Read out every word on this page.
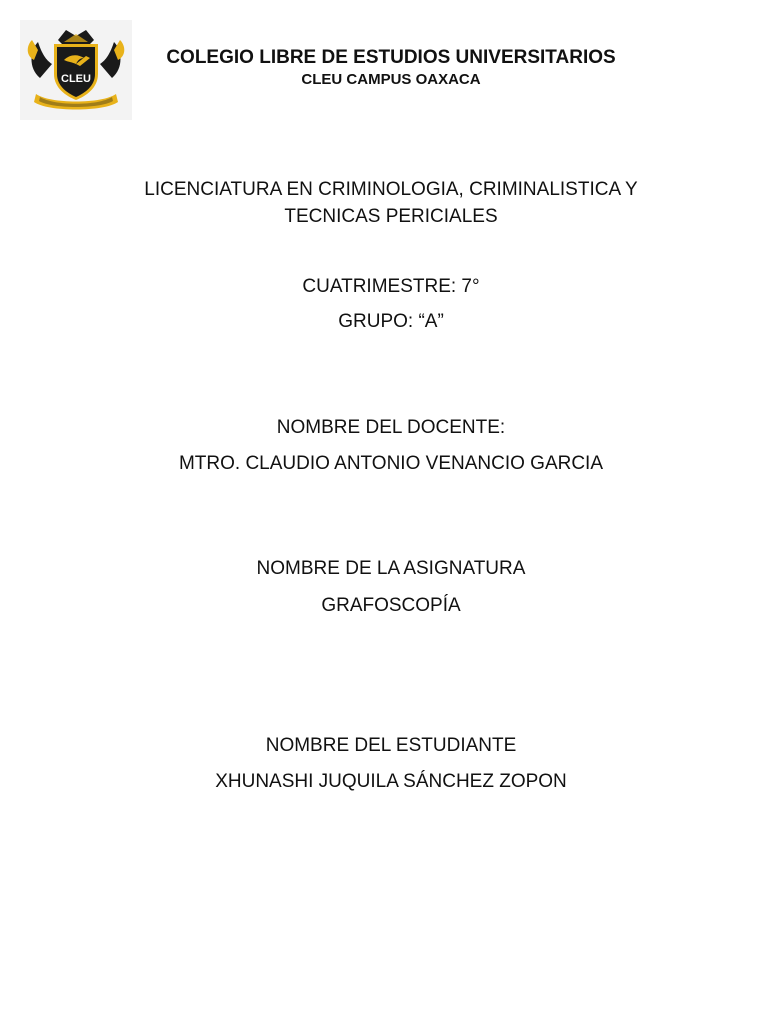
CLEU
COLEGIO LIBRE DE ESTUDIOS UNIVERSITARIOS
CLEU CAMPUS OAXACA
LICENCIATURA EN CRIMINOLOGIA, CRIMINALISTICA Y
TECNICAS PERICIALES
CUATRIMESTRE: 7°
GRUPO: “A”
NOMBRE DEL DOCENTE:
MTRO. CLAUDIO ANTONIO VENANCIO GARCIA
NOMBRE DE LA ASIGNATURA
GRAFOSCOPÍA
NOMBRE DEL ESTUDIANTE
XHUNASHI JUQUILA SÁNCHEZ ZOPON
